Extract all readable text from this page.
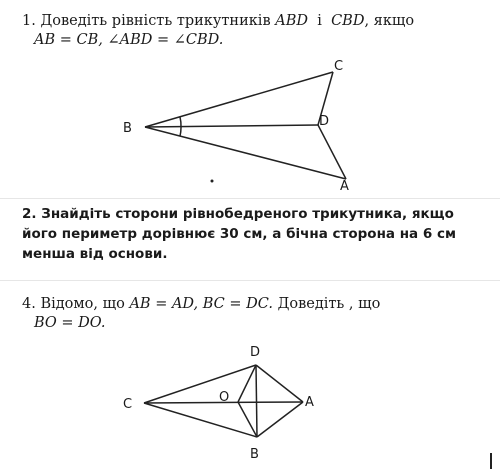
1. Доведіть рівність трикутників ABD і CBD, якщо
AB = CB, ∠ABD = ∠CBD.

B
C
D
A

2. Знайдіть сторони рівнобедреного трикутника, якщо його периметр дорівнює 30 см, а бічна сторона на 6 см менша від основи.

4. Відомо, що AB = AD, BC = DC. Доведіть , що
BO = DO.

C
D
O	A
B
